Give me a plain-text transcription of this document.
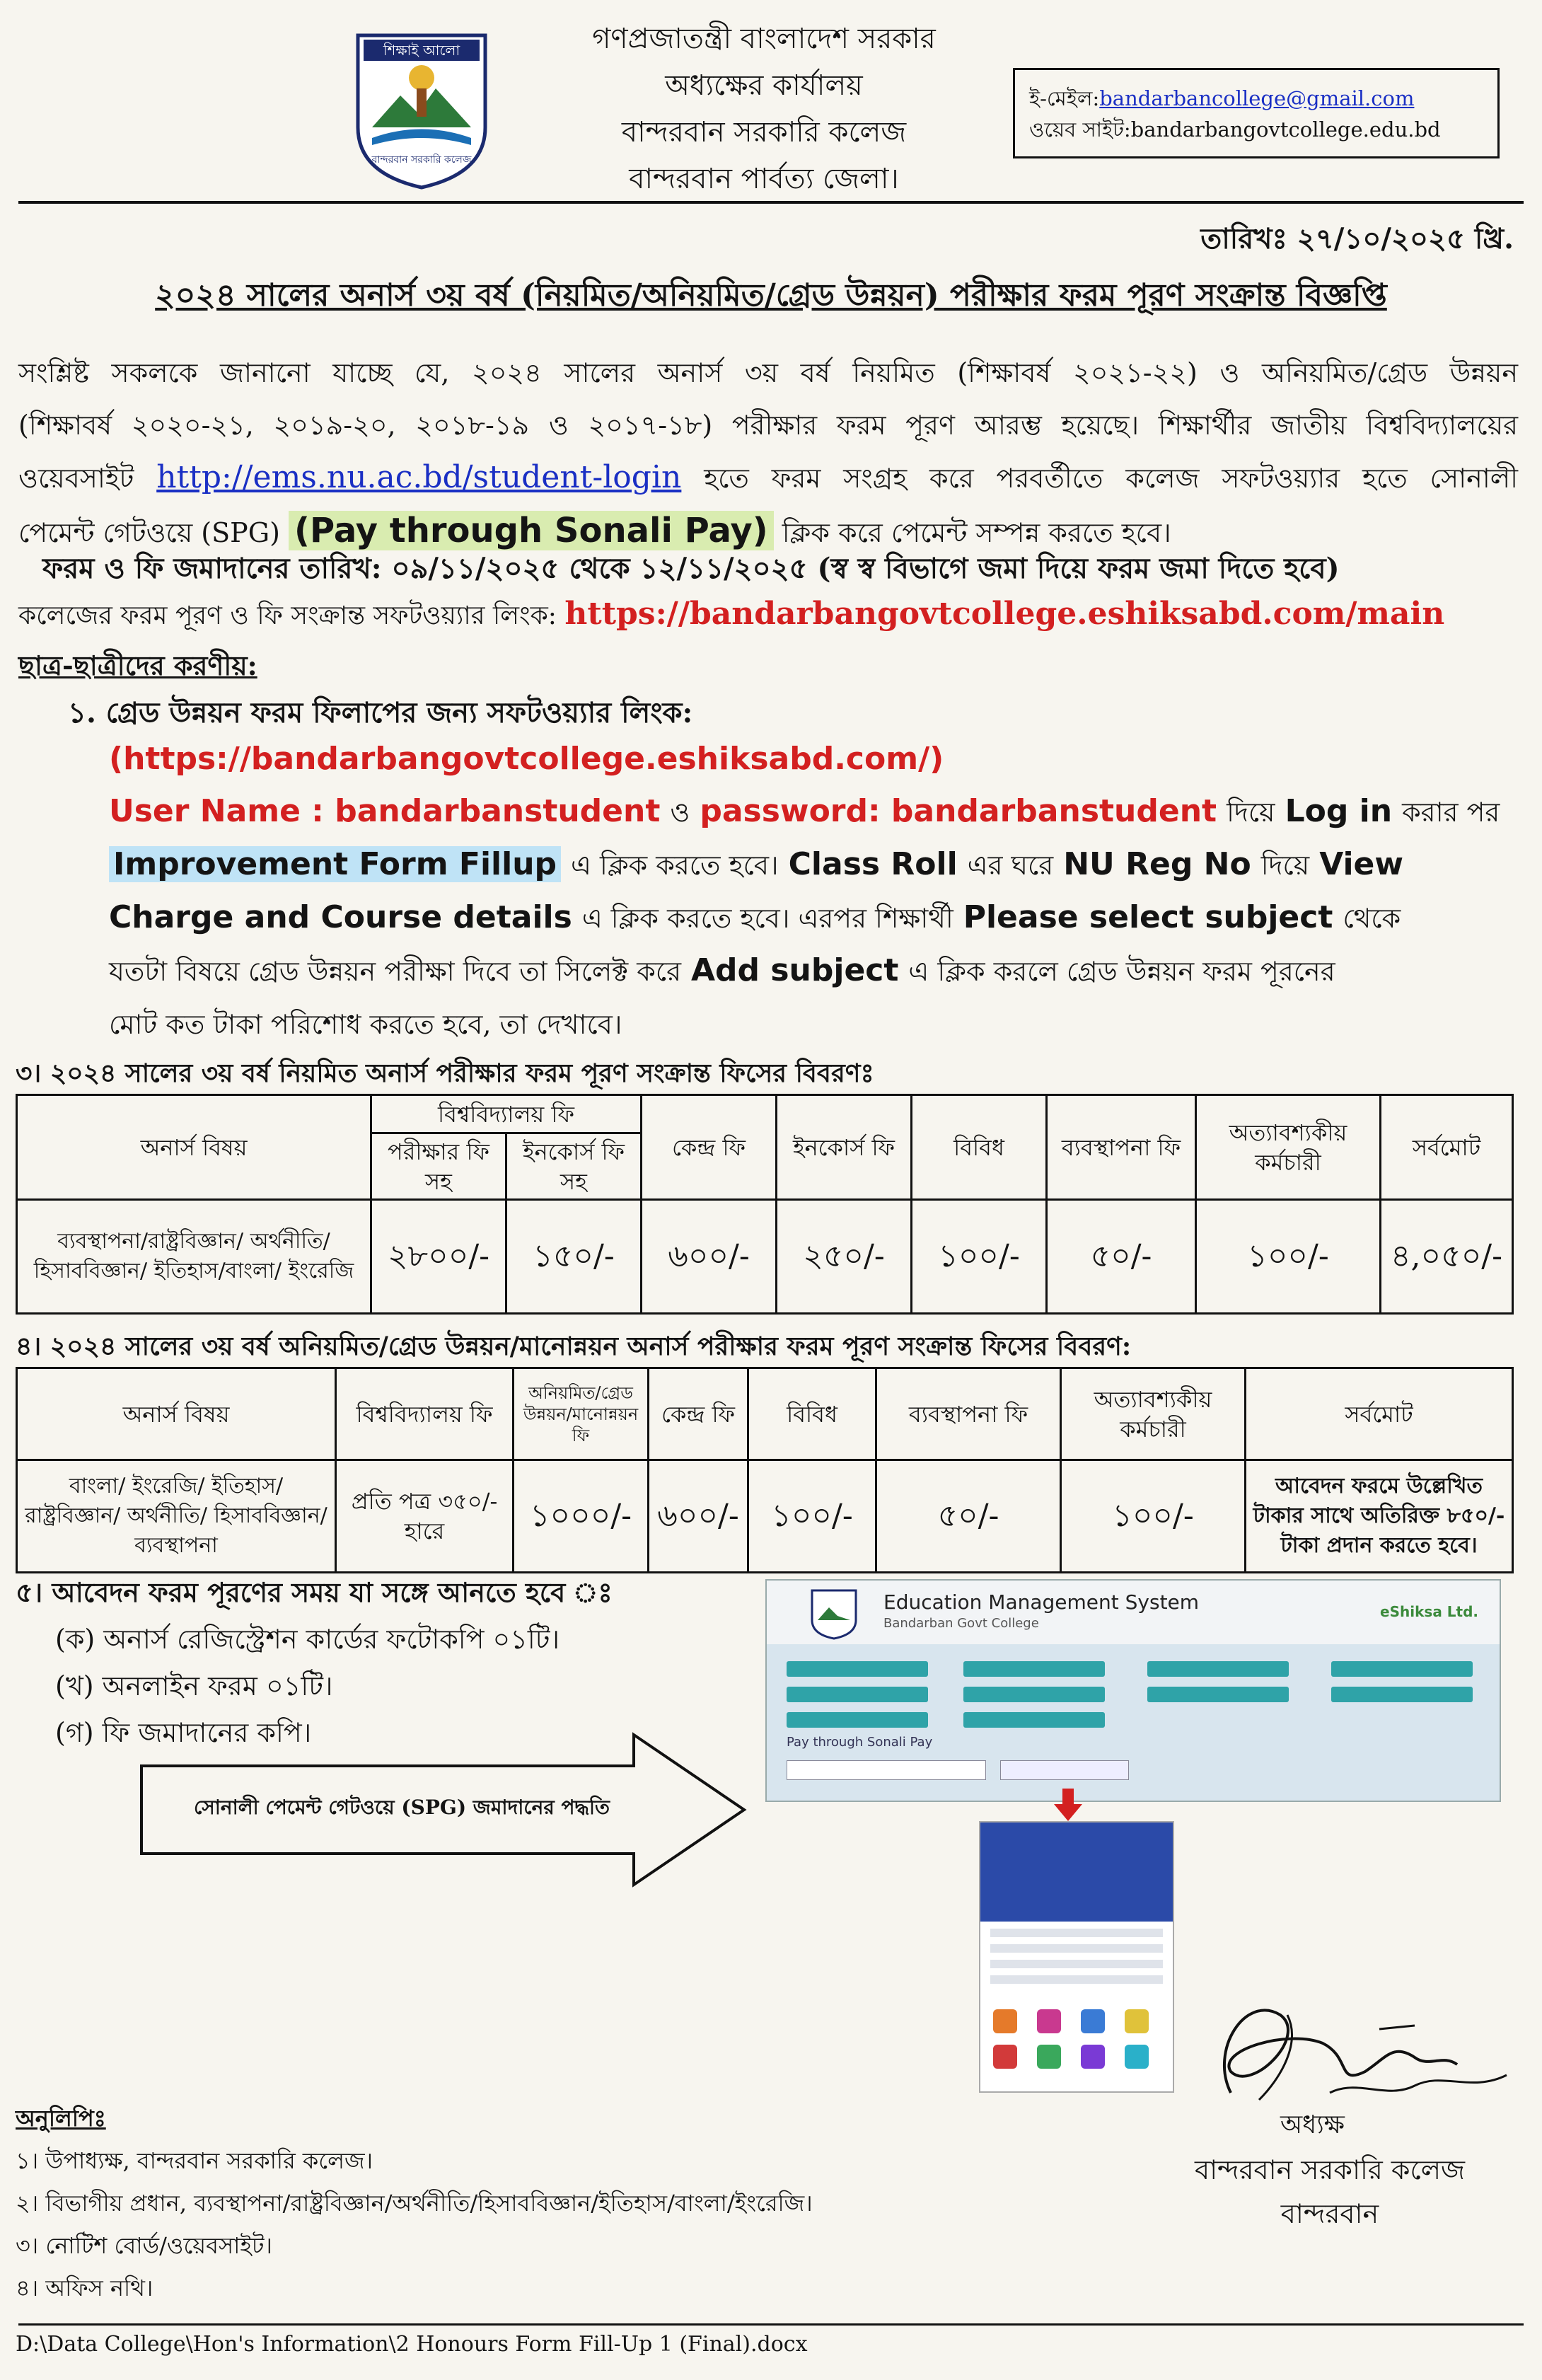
শিক্ষাই আলো
বান্দরবান সরকারি কলেজ
গণপ্রজাতন্ত্রী বাংলাদেশ সরকার
অধ্যক্ষের কার্যালয়
বান্দরবান সরকারি কলেজ
বান্দরবান পার্বত্য জেলা।
ই-মেইল:bandarbancollege@gmail.com
ওয়েব সাইট:bandarbangovtcollege.edu.bd
তারিখঃ ২৭/১০/২০২৫ খ্রি.
২০২৪ সালের অনার্স ৩য় বর্ষ (নিয়মিত/অনিয়মিত/গ্রেড উন্নয়ন) পরীক্ষার ফরম পূরণ সংক্রান্ত বিজ্ঞপ্তি
সংশ্লিষ্ট সকলকে জানানো যাচ্ছে যে, ২০২৪ সালের অনার্স ৩য় বর্ষ নিয়মিত (শিক্ষাবর্ষ ২০২১-২২) ও অনিয়মিত/গ্রেড উন্নয়ন
(শিক্ষাবর্ষ ২০২০-২১, ২০১৯-২০, ২০১৮-১৯ ও ২০১৭-১৮) পরীক্ষার ফরম পূরণ আরম্ভ হয়েছে। শিক্ষার্থীর জাতীয় বিশ্ববিদ্যালয়ের
ওয়েবসাইট http://ems.nu.ac.bd/student-login হতে ফরম সংগ্রহ করে পরবর্তীতে কলেজ সফটওয়্যার হতে সোনালী
পেমেন্ট গেটওয়ে (SPG) (Pay through Sonali Pay) ক্লিক করে পেমেন্ট সম্পন্ন করতে হবে।
ফরম ও ফি জমাদানের তারিখ: ০৯/১১/২০২৫ থেকে ১২/১১/২০২৫ (স্ব স্ব বিভাগে জমা দিয়ে ফরম জমা দিতে হবে)
কলেজের ফরম পূরণ ও ফি সংক্রান্ত সফটওয়্যার লিংক: https://bandarbangovtcollege.eshiksabd.com/main
ছাত্র-ছাত্রীদের করণীয়:
১. গ্রেড উন্নয়ন ফরম ফিলাপের জন্য সফটওয়্যার লিংক:
(https://bandarbangovtcollege.eshiksabd.com/)
User Name : bandarbanstudent ও password: bandarbanstudent দিয়ে Log in করার পর
Improvement Form Fillup এ ক্লিক করতে হবে। Class Roll এর ঘরে NU Reg No দিয়ে View
Charge and Course details এ ক্লিক করতে হবে। এরপর শিক্ষার্থী Please select subject থেকে
যতটা বিষয়ে গ্রেড উন্নয়ন পরীক্ষা দিবে তা সিলেক্ট করে Add subject এ ক্লিক করলে গ্রেড উন্নয়ন ফরম পূরনের
মোট কত টাকা পরিশোধ করতে হবে, তা দেখাবে।
৩। ২০২৪ সালের ৩য় বর্ষ নিয়মিত অনার্স পরীক্ষার ফরম পূরণ সংক্রান্ত ফিসের বিবরণঃ
অনার্স বিষয়	বিশ্ববিদ্যালয় ফি		কেন্দ্র ফি	ইনকোর্স ফি	বিবিধ	ব্যবস্থাপনা ফি	অত্যাবশ্যকীয় কর্মচারী	সর্বমোট
	পরীক্ষার ফি সহ	ইনকোর্স ফি সহ						
ব্যবস্থাপনা/রাষ্ট্রবিজ্ঞান/ অর্থনীতি/ হিসাববিজ্ঞান/ ইতিহাস/বাংলা/ ইংরেজি	২৮০০/-	১৫০/-	৬০০/-	২৫০/-	১০০/-	৫০/-	১০০/-	৪,০৫০/-
৪। ২০২৪ সালের ৩য় বর্ষ অনিয়মিত/গ্রেড উন্নয়ন/মানোন্নয়ন অনার্স পরীক্ষার ফরম পূরণ সংক্রান্ত ফিসের বিবরণ:
অনার্স বিষয়	বিশ্ববিদ্যালয় ফি	অনিয়মিত/গ্রেড উন্নয়ন/মানোন্নয়ন ফি	কেন্দ্র ফি	বিবিধ	ব্যবস্থাপনা ফি	অত্যাবশ্যকীয় কর্মচারী	সর্বমোট
বাংলা/ ইংরেজি/ ইতিহাস/ রাষ্ট্রবিজ্ঞান/ অর্থনীতি/ হিসাববিজ্ঞান/ব্যবস্থাপনা	প্রতি পত্র ৩৫০/- হারে	১০০০/-	৬০০/-	১০০/-	৫০/-	১০০/-	আবেদন ফরমে উল্লেখিত টাকার সাথে অতিরিক্ত ৮৫০/- টাকা প্রদান করতে হবে।
৫। আবেদন ফরম পূরণের সময় যা সঙ্গে আনতে হবে ঃ
(ক) অনার্স রেজিস্ট্রেশন কার্ডের ফটোকপি ০১টি।
(খ) অনলাইন ফরম ০১টি।
(গ) ফি জমাদানের কপি।
সোনালী পেমেন্ট গেটওয়ে (SPG) জমাদানের পদ্ধতি
Education Management System
Bandarban Govt College
eShiksa Ltd.
Pay through Sonali Pay
অধ্যক্ষ
বান্দরবান সরকারি কলেজ
বান্দরবান
অনুলিপিঃ
১। উপাধ্যক্ষ, বান্দরবান সরকারি কলেজ।
২। বিভাগীয় প্রধান, ব্যবস্থাপনা/রাষ্ট্রবিজ্ঞান/অর্থনীতি/হিসাববিজ্ঞান/ইতিহাস/বাংলা/ইংরেজি।
৩। নোটিশ বোর্ড/ওয়েবসাইট।
৪। অফিস নথি।
D:\Data College\Hon's Information\2 Honours Form Fill-Up 1 (Final).docx
